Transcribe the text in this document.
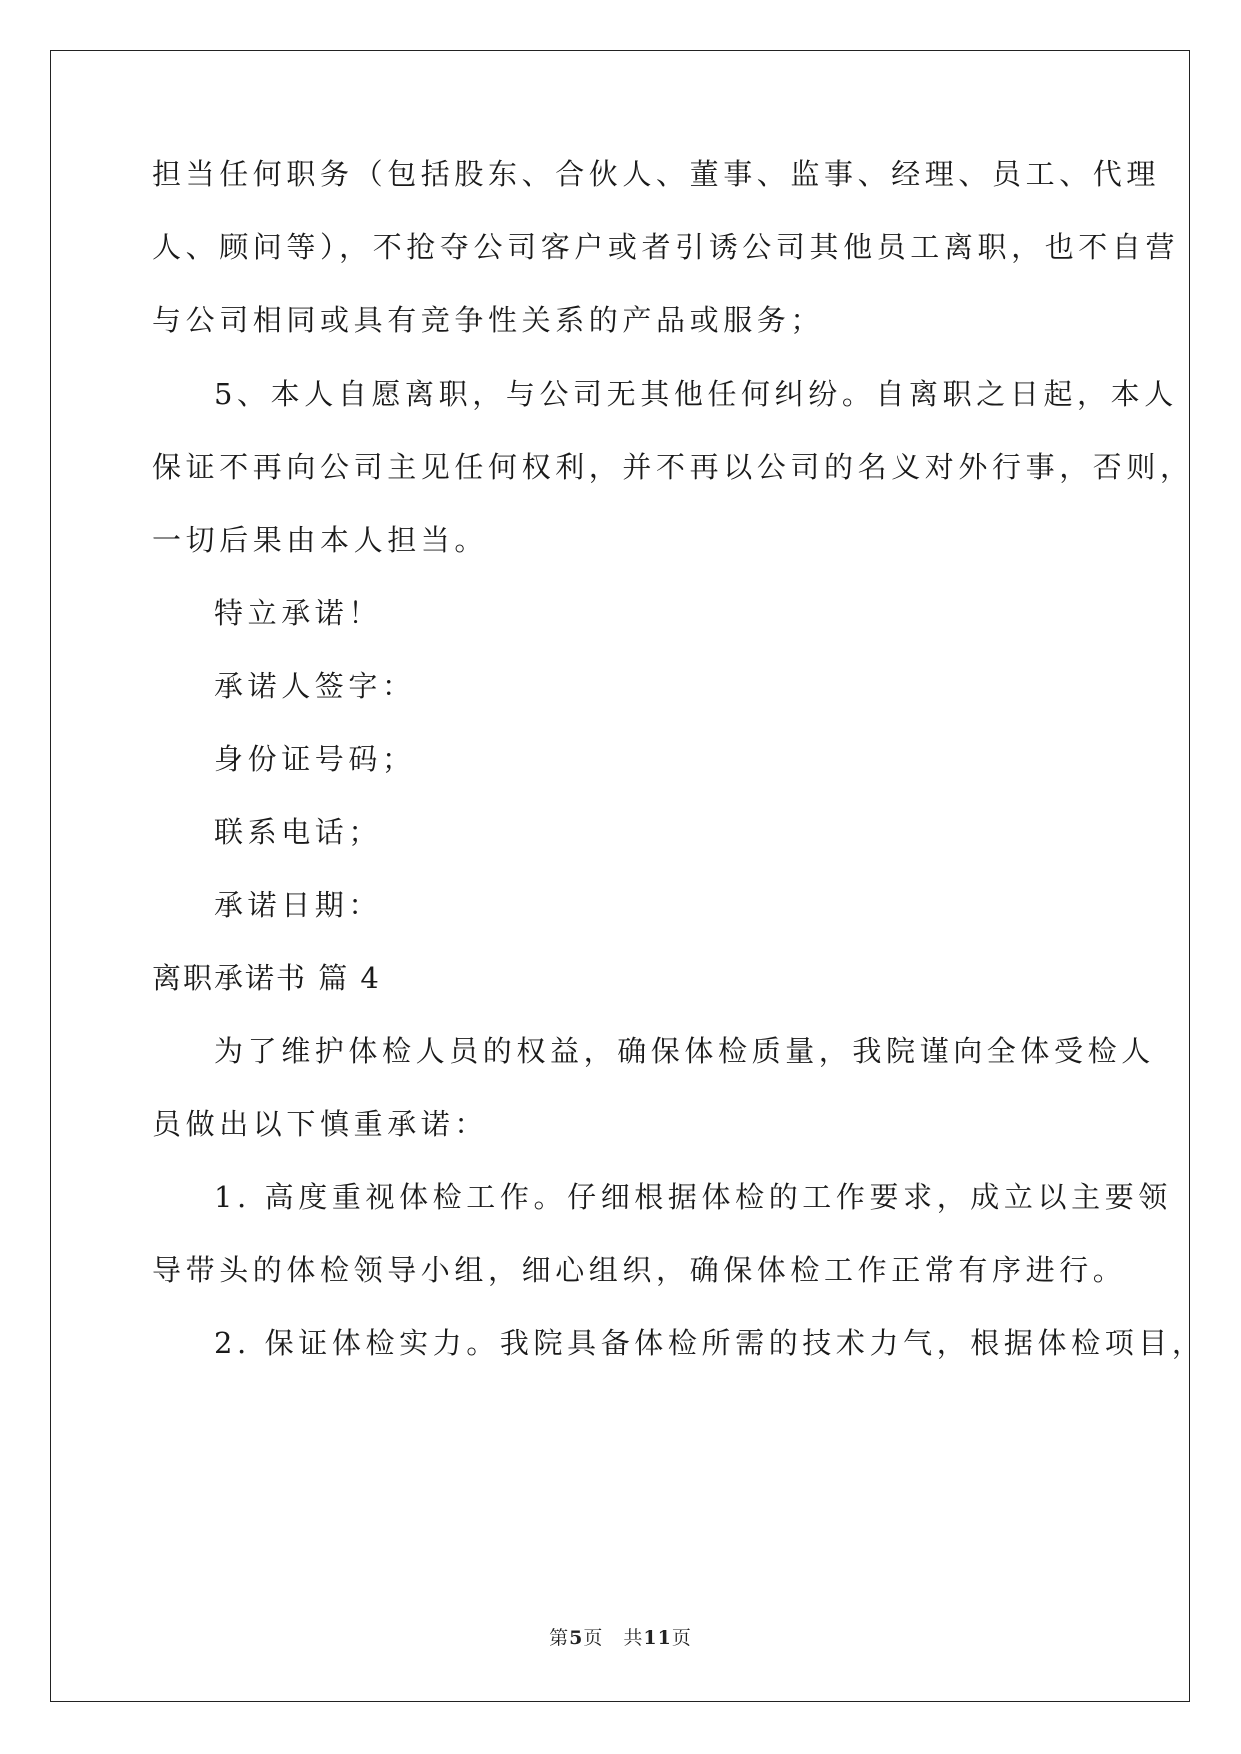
担当任何职务（包括股东、合伙人、董事、监事、经理、员工、代理
人、顾问等），不抢夺公司客户或者引诱公司其他员工离职，也不自营
与公司相同或具有竞争性关系的产品或服务；
5、本人自愿离职，与公司无其他任何纠纷。自离职之日起，本人
保证不再向公司主见任何权利，并不再以公司的名义对外行事，否则，
一切后果由本人担当。
特立承诺！
承诺人签字：
身份证号码；
联系电话；
承诺日期：
离职承诺书 篇 4
为了维护体检人员的权益，确保体检质量，我院谨向全体受检人
员做出以下慎重承诺：
1. 高度重视体检工作。仔细根据体检的工作要求，成立以主要领
导带头的体检领导小组，细心组织，确保体检工作正常有序进行。
2. 保证体检实力。我院具备体检所需的技术力气，根据体检项目，
第5页　共11页
